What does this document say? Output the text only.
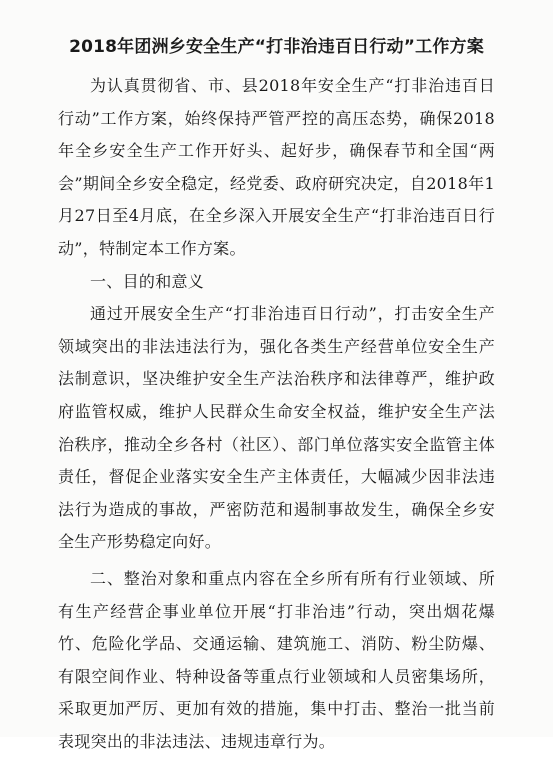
2018年团洲乡安全生产“打非治违百日行动”工作方案

为认真贯彻省、市、县2018年安全生产“打非治违百日行动”工作方案，始终保持严管严控的高压态势，确保2018年全乡安全生产工作开好头、起好步，确保春节和全国“两会”期间全乡安全稳定，经党委、政府研究决定，自2018年1月27日至4月底，在全乡深入开展安全生产“打非治违百日行动”，特制定本工作方案。

一、目的和意义

通过开展安全生产“打非治违百日行动”，打击安全生产领域突出的非法违法行为，强化各类生产经营单位安全生产法制意识，坚决维护安全生产法治秩序和法律尊严，维护政府监管权威，维护人民群众生命安全权益，维护安全生产法治秩序，推动全乡各村（社区）、部门单位落实安全监管主体责任，督促企业落实安全生产主体责任，大幅减少因非法违法行为造成的事故，严密防范和遏制事故发生，确保全乡安全生产形势稳定向好。

二、整治对象和重点内容在全乡所有所有行业领域、所有生产经营企事业单位开展“打非治违”行动，突出烟花爆竹、危险化学品、交通运输、建筑施工、消防、粉尘防爆、有限空间作业、特种设备等重点行业领域和人员密集场所，采取更加严厉、更加有效的措施，集中打击、整治一批当前表现突出的非法违法、违规违章行为。
